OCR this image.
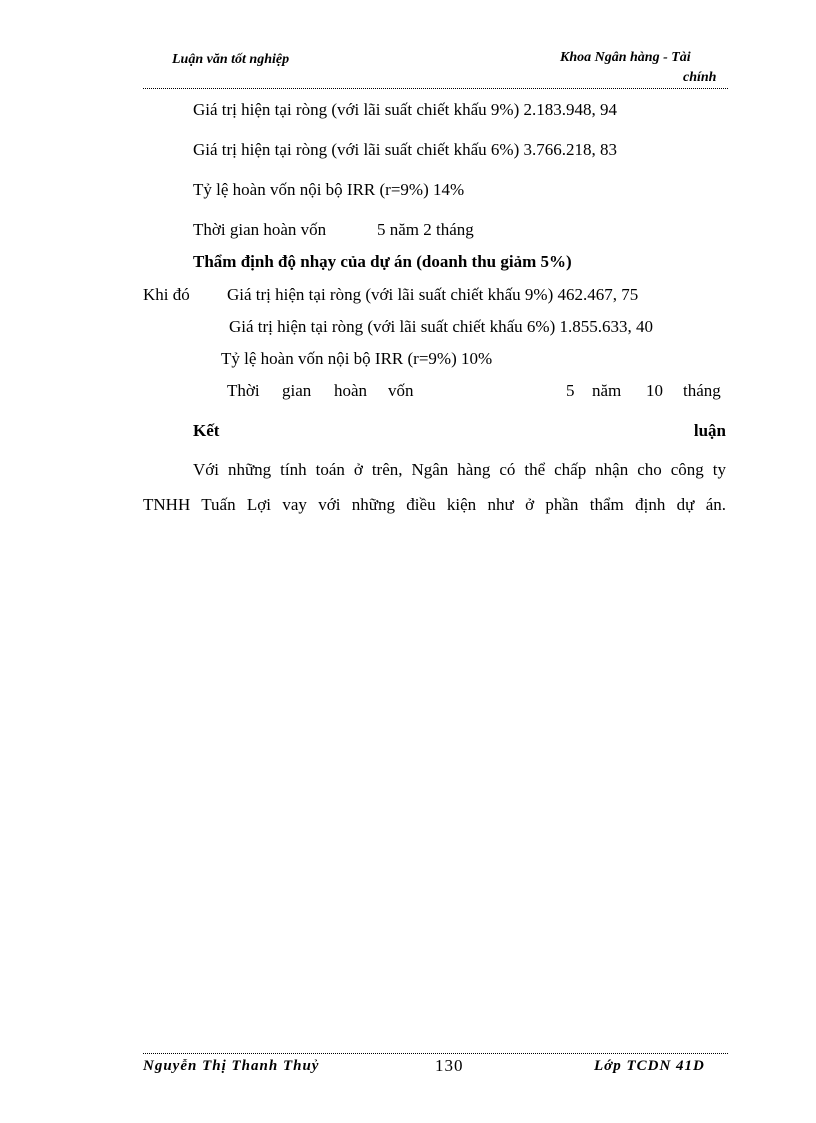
Luận văn tốt nghiệp	Khoa Ngân hàng - Tài
chính
Giá trị hiện tại ròng (với lãi suất chiết khấu 9%) 2.183.948, 94
Giá trị hiện tại ròng (với lãi suất chiết khấu 6%) 3.766.218, 83
Tỷ lệ hoàn vốn nội bộ IRR (r=9%) 14%
Thời gian hoàn vốn	5 năm 2 tháng
Thẩm định độ nhạy của dự án (doanh thu giảm 5%)
Khi đó Giá trị hiện tại ròng (với lãi suất chiết khấu 9%) 462.467, 75
Giá trị hiện tại ròng (với lãi suất chiết khấu 6%) 1.855.633, 40
Tỷ lệ hoàn vốn nội bộ IRR (r=9%) 10%
Thời gian hoàn vốn	5 năm 10 tháng
Kết	luận
Với những tính toán ở trên, Ngân hàng có thể chấp nhận cho công ty
TNHH Tuấn Lợi vay với những điều kiện như ở phần thẩm định dự án.
Nguyễn Thị Thanh Thuỷ	130	Lớp TCDN 41D
